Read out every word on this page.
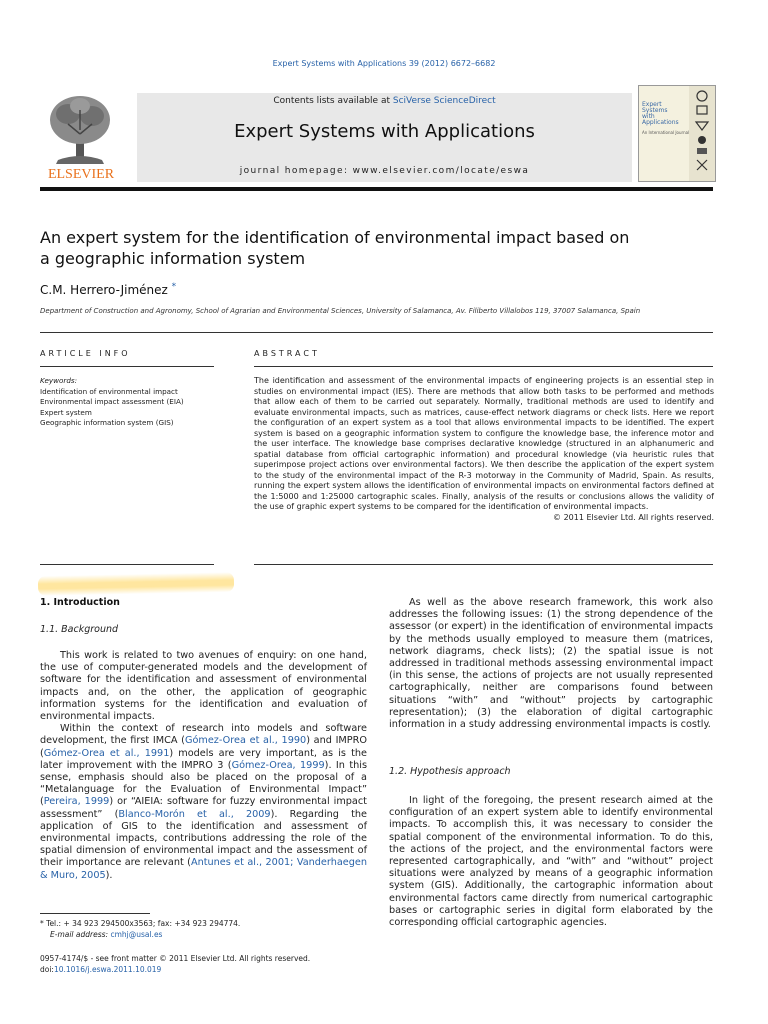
Expert Systems with Applications 39 (2012) 6672–6682
ELSEVIER
Contents lists available at SciVerse ScienceDirect
Expert Systems with Applications
journal homepage: www.elsevier.com/locate/eswa
Expert
Systems
with
Applications
An International Journal
An expert system for the identification of environmental impact based on a geographic information system
C.M. Herrero-Jiménez *
Department of Construction and Agronomy, School of Agrarian and Environmental Sciences, University of Salamanca, Av. Filiberto Villalobos 119, 37007 Salamanca, Spain
ARTICLE INFO
Keywords:
Identification of environmental impact
Environmental impact assessment (EIA)
Expert system
Geographic information system (GIS)
ABSTRACT
The identification and assessment of the environmental impacts of engineering projects is an essential step in studies on environmental impact (IES). There are methods that allow both tasks to be performed and methods that allow each of them to be carried out separately. Normally, traditional methods are used to identify and evaluate environmental impacts, such as matrices, cause-effect network diagrams or check lists. Here we report the configuration of an expert system as a tool that allows environmental impacts to be identified. The expert system is based on a geographic information system to configure the knowledge base, the inference motor and the user interface. The knowledge base comprises declarative knowledge (structured in an alphanumeric and spatial database from official cartographic information) and procedural knowledge (via heuristic rules that superimpose project actions over environmental factors). We then describe the application of the expert system to the study of the environmental impact of the R-3 motorway in the Community of Madrid, Spain. As results, running the expert system allows the identification of environmental impacts on environmental factors defined at the 1:5000 and 1:25000 cartographic scales. Finally, analysis of the results or conclusions allows the validity of the use of graphic expert systems to be compared for the identification of environmental impacts.
© 2011 Elsevier Ltd. All rights reserved.
1. Introduction
1.1. Background

This work is related to two avenues of enquiry: on one hand, the use of computer-generated models and the development of software for the identification and assessment of environmental impacts and, on the other, the application of geographic information systems for the identification and evaluation of environmental impacts.

Within the context of research into models and software development, the first IMCA (Gómez-Orea et al., 1990) and IMPRO (Gómez-Orea et al., 1991) models are very important, as is the later improvement with the IMPRO 3 (Gómez-Orea, 1999). In this sense, emphasis should also be placed on the proposal of a “Metalanguage for the Evaluation of Environmental Impact” (Pereira, 1999) or “AIEIA: software for fuzzy environmental impact assessment” (Blanco-Morón et al., 2009). Regarding the application of GIS to the identification and assessment of environmental impacts, contributions addressing the role of the spatial dimension of environmental impact and the assessment of their importance are relevant (Antunes et al., 2001; Vanderhaegen & Muro, 2005).

As well as the above research framework, this work also addresses the following issues: (1) the strong dependence of the assessor (or expert) in the identification of environmental impacts by the methods usually employed to measure them (matrices, network diagrams, check lists); (2) the spatial issue is not addressed in traditional methods assessing environmental impact (in this sense, the actions of projects are not usually represented cartographically, neither are comparisons found between situations “with” and “without” projects by cartographic representation); (3) the elaboration of digital cartographic information in a study addressing environmental impacts is costly.

1.2. Hypothesis approach

In light of the foregoing, the present research aimed at the configuration of an expert system able to identify environmental impacts. To accomplish this, it was necessary to consider the spatial component of the environmental information. To do this, the actions of the project, and the environmental factors were represented cartographically, and “with” and “without” project situations were analyzed by means of a geographic information system (GIS). Additionally, the cartographic information about environmental factors came directly from numerical cartographic bases or cartographic series in digital form elaborated by the corresponding official cartographic agencies.

* Tel.: + 34 923 294500x3563; fax: +34 923 294774.
E-mail address: cmhj@usal.es
0957-4174/$ - see front matter © 2011 Elsevier Ltd. All rights reserved.
doi:10.1016/j.eswa.2011.10.019
